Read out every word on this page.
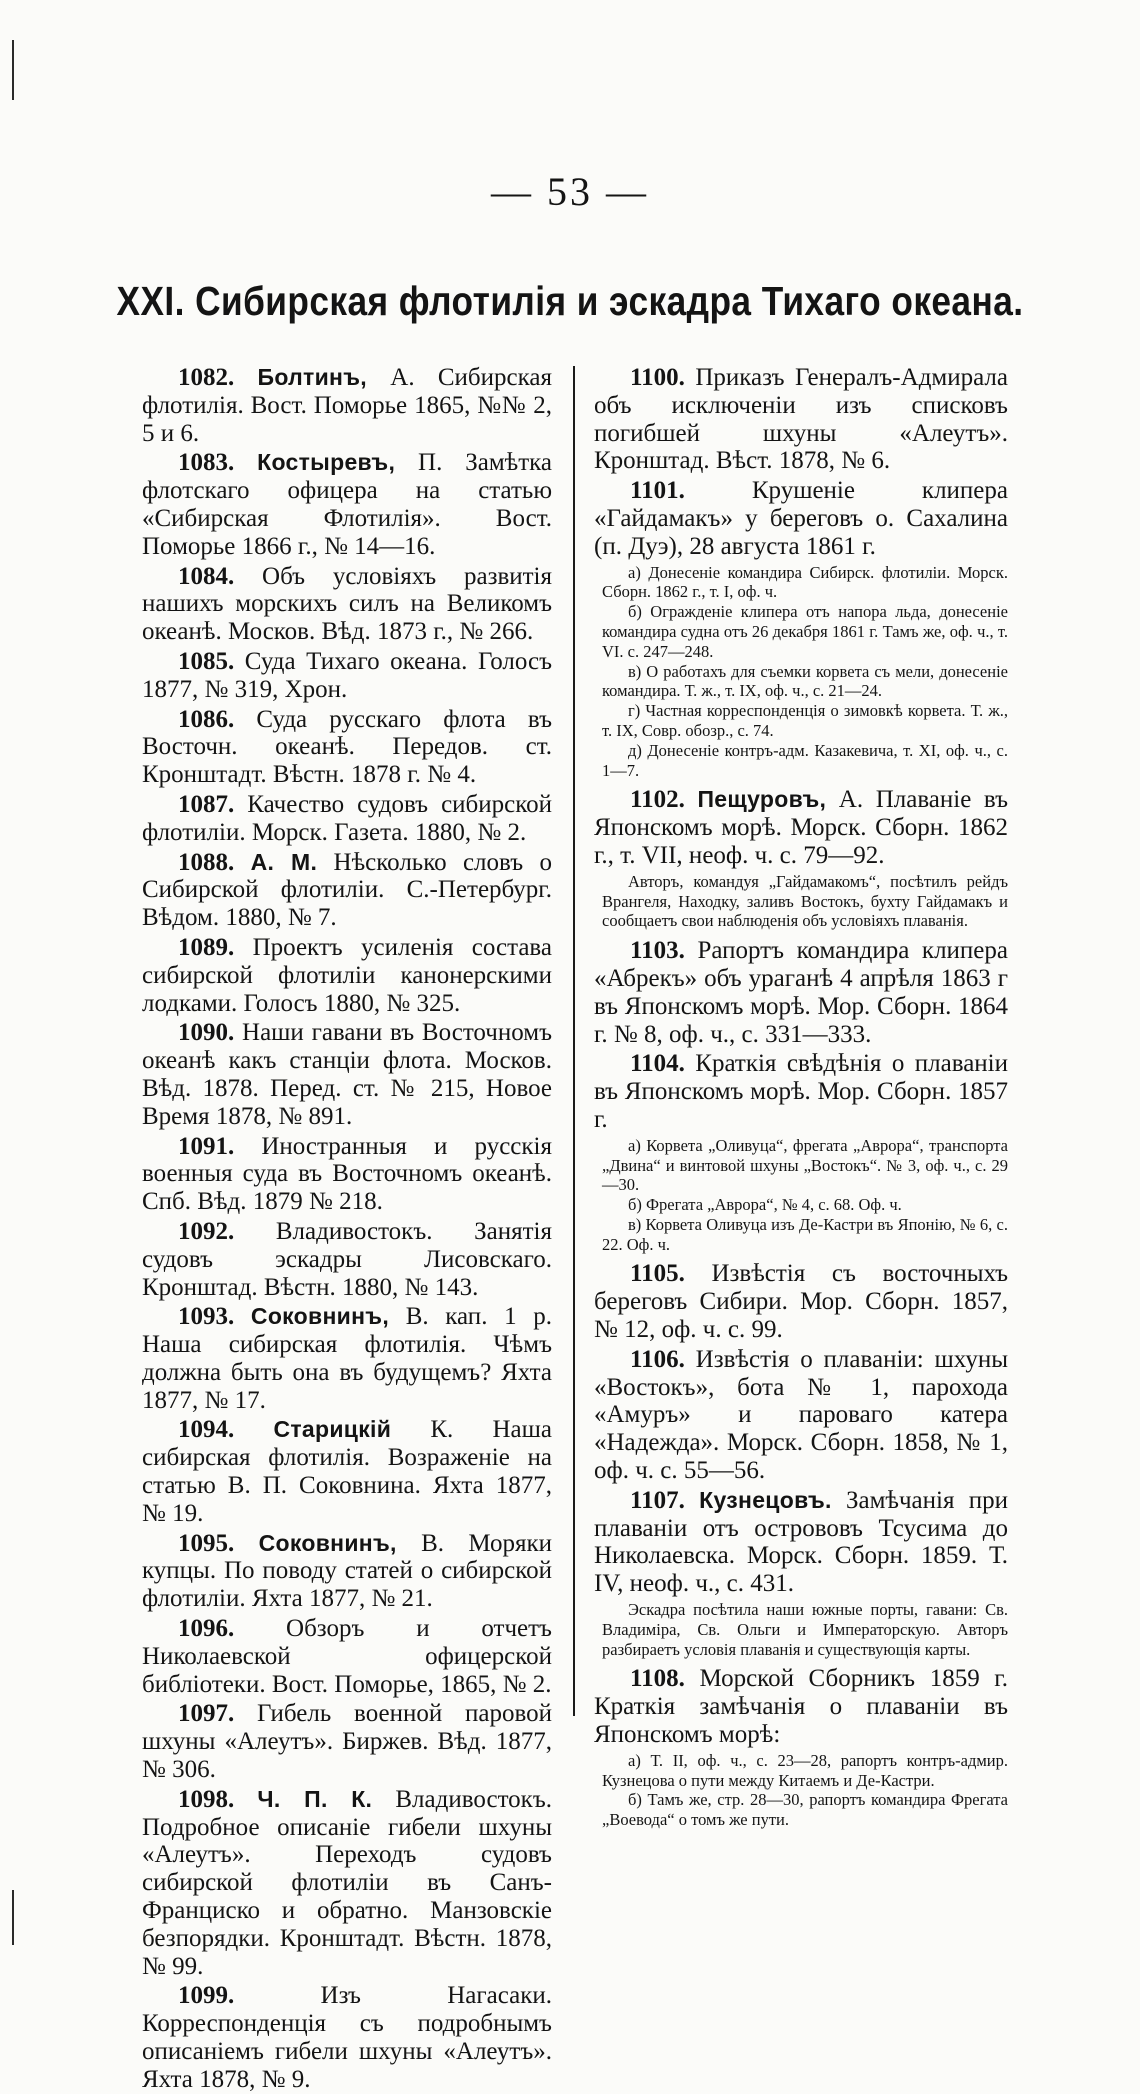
— 53 —
XXI. Сибирская флотилія и эскадра Тихаго океана.

1082. Болтинъ, А. Сибирская флотилія. Вост. Поморье 1865, №№ 2, 5 и 6.

1083. Костыревъ, П. Замѣтка флотскаго офицера на статью «Сибирская Флотилія». Вост. Поморье 1866 г., № 14—16.

1084. Объ условіяхъ развитія нашихъ морскихъ силъ на Великомъ океанѣ. Москов. Вѣд. 1873 г., № 266.

1085. Суда Тихаго океана. Голосъ 1877, № 319, Хрон.

1086. Суда русскаго флота въ Восточн. океанѣ. Передов. ст. Кронштадт. Вѣстн. 1878 г. № 4.

1087. Качество судовъ сибирской флотиліи. Морск. Газета. 1880, № 2.

1088. А. М. Нѣсколько словъ о Сибирской флотиліи. С.-Петербург. Вѣдом. 1880, № 7.

1089. Проектъ усиленія состава сибирской флотиліи канонерскими лодками. Голосъ 1880, № 325.

1090. Наши гавани въ Восточномъ океанѣ какъ станціи флота. Москов. Вѣд. 1878. Перед. ст. № 215, Новое Время 1878, № 891.

1091. Иностранныя и русскія военныя суда въ Восточномъ океанѣ. Спб. Вѣд. 1879 № 218.

1092. Владивостокъ. Занятія судовъ эскадры Лисовскаго. Кронштад. Вѣстн. 1880, № 143.

1093. Соковнинъ, В. кап. 1 р. Наша сибирская флотилія. Чѣмъ должна быть она въ будущемъ? Яхта 1877, № 17.

1094. Старицкій К. Наша сибирская флотилія. Возраженіе на статью В. П. Соковнина. Яхта 1877, № 19.

1095. Соковнинъ, В. Моряки купцы. По поводу статей о сибирской флотиліи. Яхта 1877, № 21.

1096. Обзоръ и отчетъ Николаевской офицерской библіотеки. Вост. Поморье, 1865, № 2.

1097. Гибель военной паровой шхуны «Алеутъ». Биржев. Вѣд. 1877, № 306.

1098. Ч. П. К. Владивостокъ. Подробное описаніе гибели шхуны «Алеутъ». Переходъ судовъ сибирской флотиліи въ Санъ-Франциско и обратно. Манзовскіе безпорядки. Кронштадт. Вѣстн. 1878, № 99.

1099. Изъ Нагасаки. Корреспонденція съ подробнымъ описаніемъ гибели шхуны «Алеутъ». Яхта 1878, № 9.

1100. Приказъ Генералъ-Адмирала объ исключеніи изъ списковъ погибшей шхуны «Алеутъ». Кронштад. Вѣст. 1878, № 6.

1101. Крушеніе клипера «Гайдамакъ» у береговъ о. Сахалина (п. Дуэ), 28 августа 1861 г.

а) Донесеніе командира Сибирск. флотиліи. Морск. Сборн. 1862 г., т. I, оф. ч.

б) Огражденіе клипера отъ напора льда, донесеніе командира судна отъ 26 декабря 1861 г. Тамъ же, оф. ч., т. VI. с. 247—248.

в) О работахъ для съемки корвета съ мели, донесеніе командира. Т. ж., т. IX, оф. ч., с. 21—24.

г) Частная корреспонденція о зимовкѣ корвета. Т. ж., т. IX, Совр. обозр., с. 74.

д) Донесеніе контръ-адм. Казакевича, т. XI, оф. ч., с. 1—7.

1102. Пещуровъ, А. Плаваніе въ Японскомъ морѣ. Морск. Сборн. 1862 г., т. VII, неоф. ч. с. 79—92.

Авторъ, командуя „Гайдамакомъ“, посѣтилъ рейдъ Врангеля, Находку, заливъ Востокъ, бухту Гайдамакъ и сообщаетъ свои наблюденія объ условіяхъ плаванія.

1103. Рапортъ командира клипера «Абрекъ» объ ураганѣ 4 апрѣля 1863 г въ Японскомъ морѣ. Мор. Сборн. 1864 г. № 8, оф. ч., с. 331—333.

1104. Краткія свѣдѣнія о плаваніи въ Японскомъ морѣ. Мор. Сборн. 1857 г.

а) Корвета „Оливуца“, фрегата „Аврора“, транспорта „Двина“ и винтовой шхуны „Востокъ“. № 3, оф. ч., с. 29—30.

б) Фрегата „Аврора“, № 4, с. 68. Оф. ч.

в) Корвета Оливуца изъ Де-Кастри въ Японію, № 6, с. 22. Оф. ч.

1105. Извѣстія съ восточныхъ береговъ Сибири. Мор. Сборн. 1857, № 12, оф. ч. с. 99.

1106. Извѣстія о плаваніи: шхуны «Востокъ», бота № 1, парохода «Амуръ» и пароваго катера «Надежда». Морск. Сборн. 1858, № 1, оф. ч. с. 55—56.

1107. Кузнецовъ. Замѣчанія при плаваніи отъ острововъ Тсусима до Николаевска. Морск. Сборн. 1859. Т. IV, неоф. ч., с. 431.

Эскадра посѣтила наши южные порты, гавани: Св. Владиміра, Св. Ольги и Императорскую. Авторъ разбираетъ условія плаванія и существующія карты.

1108. Морской Сборникъ 1859 г. Краткія замѣчанія о плаваніи въ Японскомъ морѣ:

а) Т. II, оф. ч., с. 23—28, рапортъ контръ-адмир. Кузнецова о пути между Китаемъ и Де-Кастри.

б) Тамъ же, стр. 28—30, рапортъ командира Фрегата „Воевода“ о томъ же пути.
